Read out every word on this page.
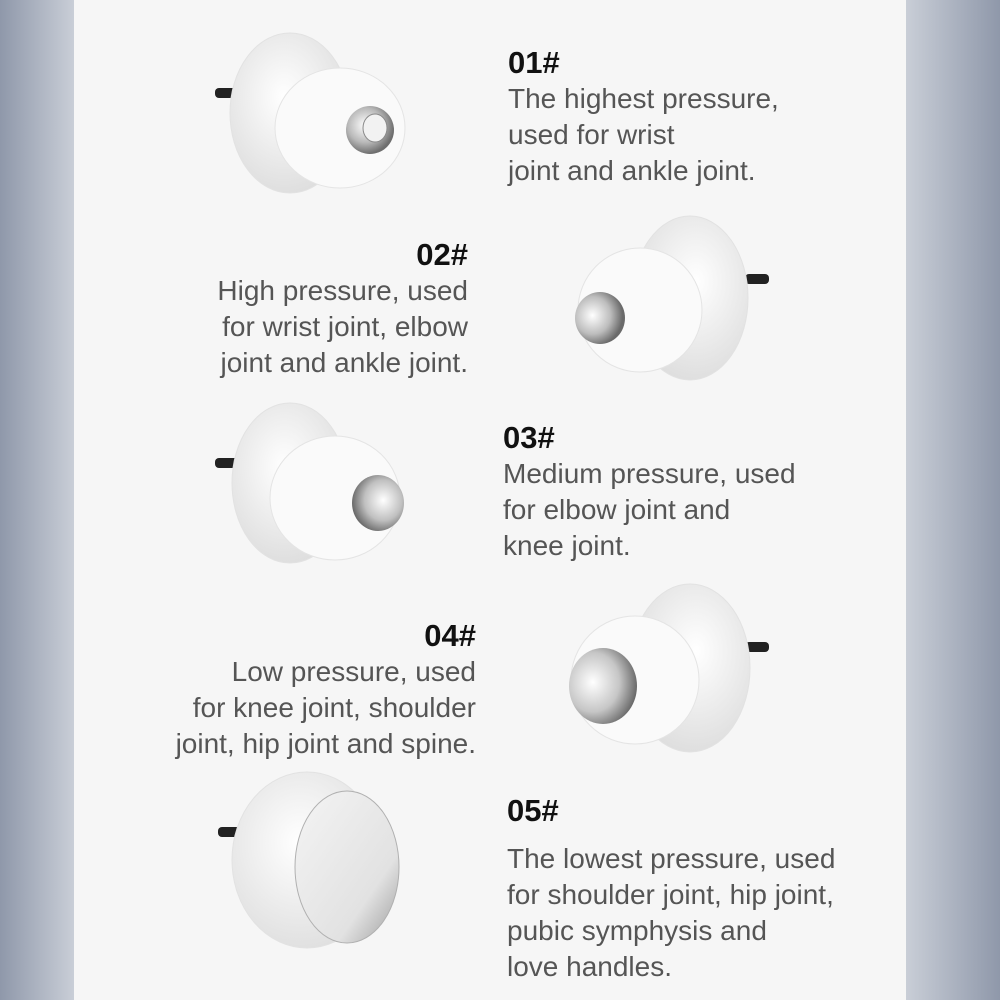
01#
The highest pressure,
used for wrist
joint and ankle joint.
02#
High pressure, used
for wrist joint, elbow
joint and ankle joint.
03#
Medium pressure, used
for elbow joint and
knee joint.
04#
Low pressure, used
for knee joint, shoulder
joint, hip joint and spine.
05#
The lowest pressure, used
for shoulder joint, hip joint,
pubic symphysis and
love handles.
